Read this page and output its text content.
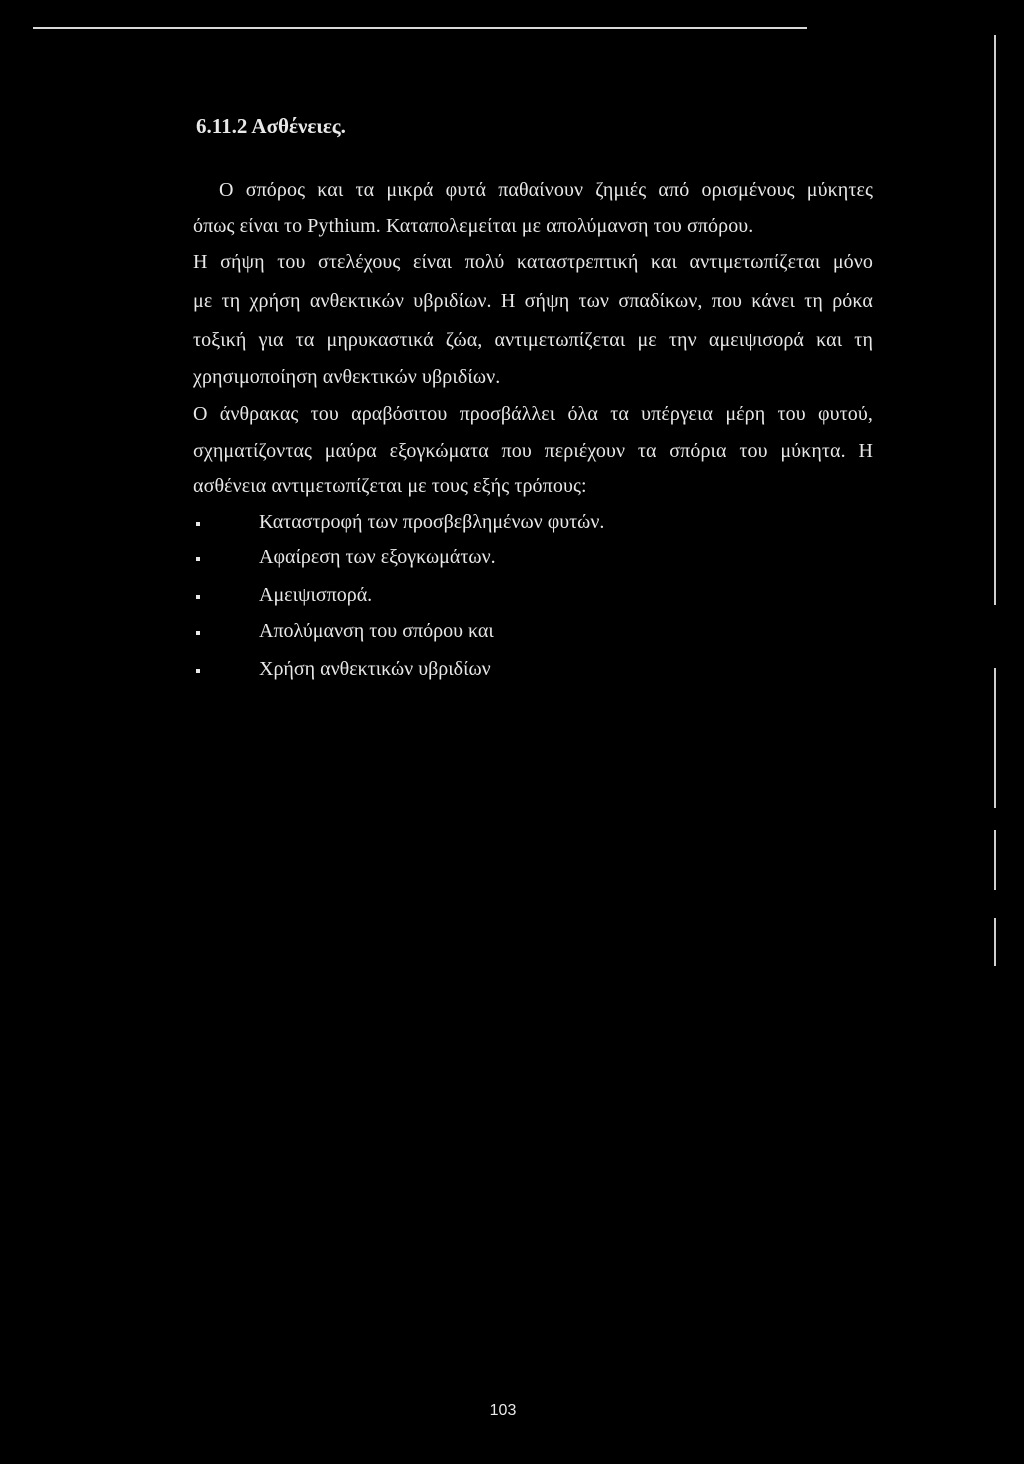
6.11.2 Ασθένειες.
Ο σπόρος και τα μικρά φυτά παθαίνουν ζημιές από ορισμένους μύκητες
όπως είναι το Pythium. Καταπολεμείται με απολύμανση του σπόρου.
Η σήψη του στελέχους είναι πολύ καταστρεπτική και αντιμετωπίζεται μόνο
με τη χρήση ανθεκτικών υβριδίων. Η σήψη των σπαδίκων, που κάνει τη ρόκα
τοξική για τα μηρυκαστικά ζώα, αντιμετωπίζεται με την αμειψισορά και τη
χρησιμοποίηση ανθεκτικών υβριδίων.
Ο άνθρακας του αραβόσιτου προσβάλλει όλα τα υπέργεια μέρη του φυτού,
σχηματίζοντας μαύρα εξογκώματα που περιέχουν τα σπόρια του μύκητα. Η
ασθένεια αντιμετωπίζεται με τους εξής τρόπους:
Καταστροφή των προσβεβλημένων φυτών.
Αφαίρεση των εξογκωμάτων.
Αμειψισπορά.
Απολύμανση του σπόρου και
Χρήση ανθεκτικών υβριδίων
103
